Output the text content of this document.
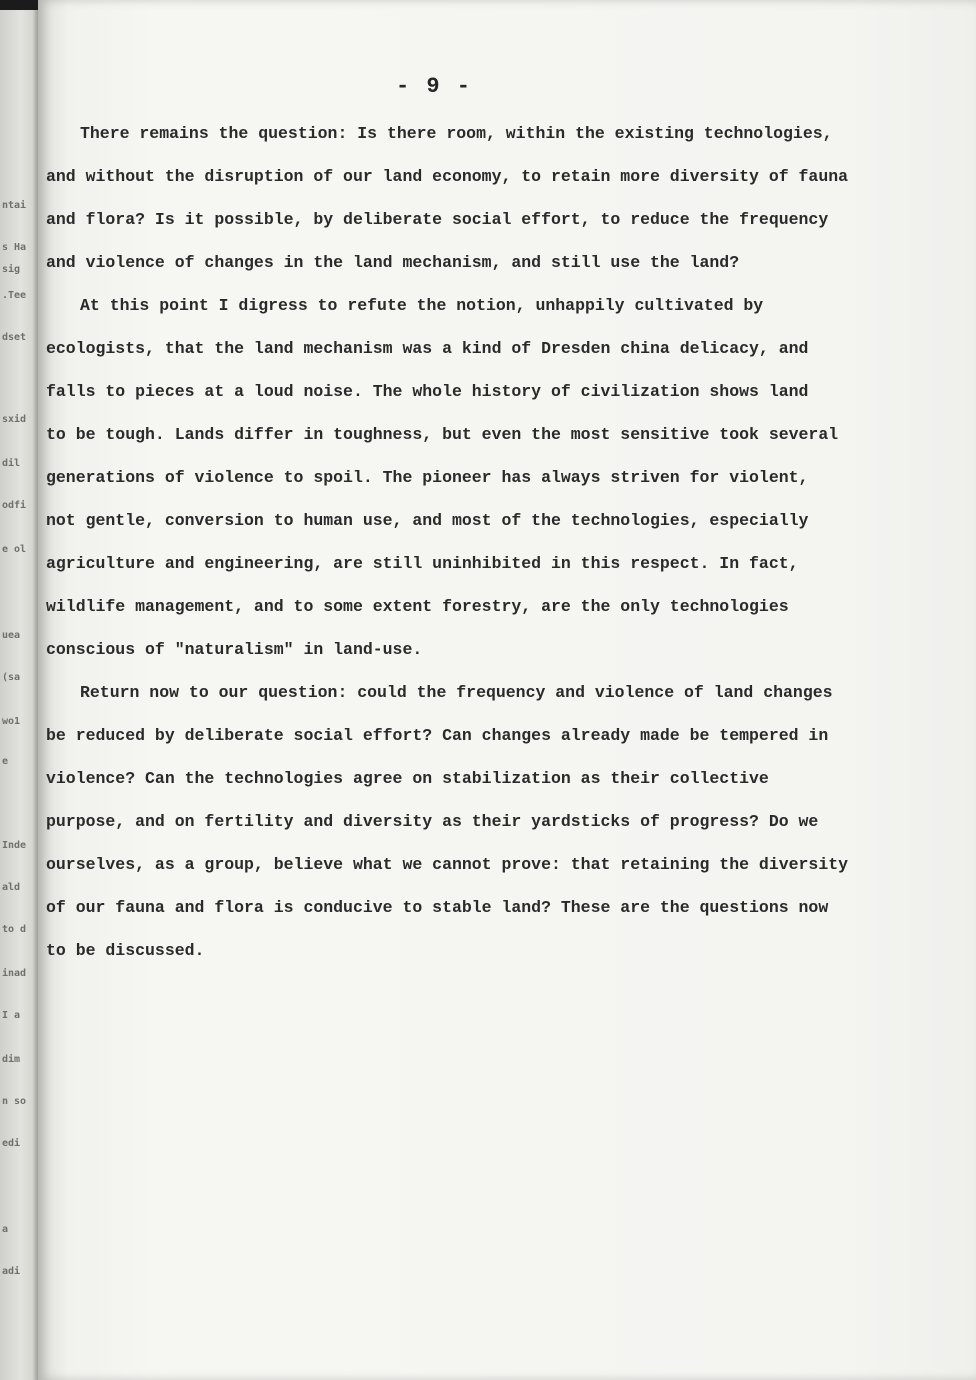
ntai
s Ha
sig
.Tee
dset
sxid
dil
odfi
e ol
uea
(sa
wo1
e
Inde
ald
to d
inad
I a
dim
n so
edi
a
adi
- 9 -
There remains the question: Is there room, within the existing technologies,
and without the disruption of our land economy, to retain more diversity of fauna
and flora? Is it possible, by deliberate social effort, to reduce the frequency
and violence of changes in the land mechanism, and still use the land?
At this point I digress to refute the notion, unhappily cultivated by
ecologists, that the land mechanism was a kind of Dresden china delicacy, and
falls to pieces at a loud noise. The whole history of civilization shows land
to be tough. Lands differ in toughness, but even the most sensitive took several
generations of violence to spoil. The pioneer has always striven for violent,
not gentle, conversion to human use, and most of the technologies, especially
agriculture and engineering, are still uninhibited in this respect. In fact,
wildlife management, and to some extent forestry, are the only technologies
conscious of "naturalism" in land-use.
Return now to our question: could the frequency and violence of land changes
be reduced by deliberate social effort? Can changes already made be tempered in
violence? Can the technologies agree on stabilization as their collective
purpose, and on fertility and diversity as their yardsticks of progress? Do we
ourselves, as a group, believe what we cannot prove: that retaining the diversity
of our fauna and flora is conducive to stable land? These are the questions now
to be discussed.
